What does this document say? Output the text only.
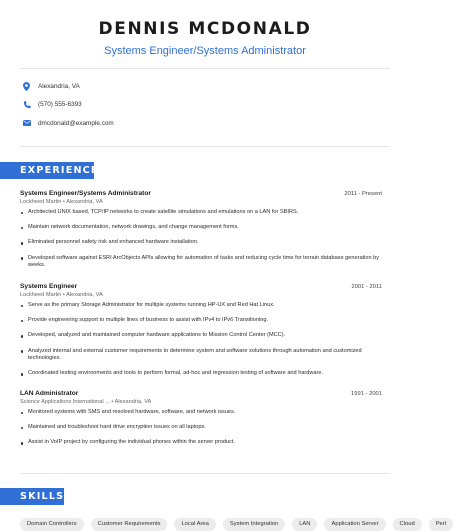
DENNIS MCDONALD
Systems Engineer/Systems Administrator
Alexandria, VA
(570) 555-6393
dmcdonald@example.com
EXPERIENCE
Systems Engineer/Systems Administrator	2011 - Present
Lockheed Martin • Alexandria, VA
Architected UNIX based, TCP/IP networks to create satellite simulations and emulations on a LAN for SBIRS.
Maintain network documentation, network drawings, and change management forms.
Eliminated personnel safety risk and enhanced hardware installation.
Developed software against ESRI ArcObjects APIs allowing for automation of tasks and reducing cycle time for terrain database generation by weeks.
Systems Engineer	2001 - 2011
Lockheed Martin • Alexandria, VA
Serve as the primary Storage Administrator for multiple systems running HP-UX and Red Hat Linux.
Provide engineering support to multiple lines of business to assist with IPv4 to IPv6 Transitioning.
Developed, analyzed and maintained computer hardware applications to Mission Control Center (MCC).
Analyzed internal and external customer requirements to determine system and software solutions through automation and customized technologies.
Coordinated testing environments and tools to perform formal, ad-hoc and regression testing of software and hardware.
LAN Administrator	1991 - 2001
Science Applications International ... • Alexandria, VA
Monitored systems with SMS and resolved hardware, software, and network issues.
Maintained and troubleshoot hard drive encryption issues on all laptops.
Assist in VoIP project by configuring the individual phones within the server product.
SKILLS
Domain Controllers	Customer Requirements	Local Area	System Integration	LAN	Application Server	Cloud	Perl
